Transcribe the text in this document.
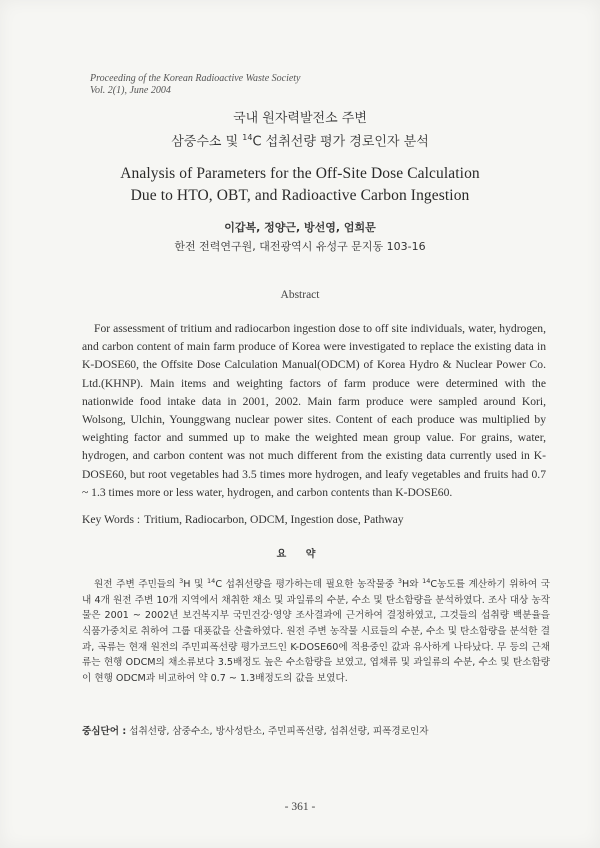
Proceeding of the Korean Radioactive Waste Society
Vol. 2(1), June 2004
국내 원자력발전소 주변
삼중수소 및 $^{14}$C 섭취선량 평가 경로인자 분석
Analysis of Parameters for the Off-Site Dose Calculation
Due to HTO, OBT, and Radioactive Carbon Ingestion
이갑복, 정양근, 방선영, 엄희문
한전 전력연구원, 대전광역시 유성구 문지동 103-16
Abstract
For assessment of tritium and radiocarbon ingestion dose to off site individuals, water, hydrogen, and carbon content of main farm produce of Korea were investigated to replace the existing data in K-DOSE60, the Offsite Dose Calculation Manual(ODCM) of Korea Hydro & Nuclear Power Co. Ltd.(KHNP). Main items and weighting factors of farm produce were determined with the nationwide food intake data in 2001, 2002. Main farm produce were sampled around Kori, Wolsong, Ulchin, Younggwang nuclear power sites. Content of each produce was multiplied by weighting factor and summed up to make the weighted mean group value. For grains, water, hydrogen, and carbon content was not much different from the existing data currently used in K-DOSE60, but root vegetables had 3.5 times more hydrogen, and leafy vegetables and fruits had 0.7 ~ 1.3 times more or less water, hydrogen, and carbon contents than K-DOSE60.
Key Words : Tritium, Radiocarbon, ODCM, Ingestion dose, Pathway
요 약

원전 주변 주민들의 $^3$H 및 $^{14}$C 섭취선량을 평가하는데 필요한 농작물중 $^3$H와 $^{14}$C농도를 계산하기 위하여 국내 4개 원전 주변 10개 지역에서 채취한 채소 및 과일류의 수분, 수소 및 탄소함량을 분석하였다. 조사 대상 농작물은 2001 ~ 2002년 보건복지부 국민건강·영양 조사결과에 근거하여 결정하였고, 그것들의 섭취량 백분율을 식품가중치로 취하여 그룹 대푯값을 산출하였다. 원전 주변 농작물 시료들의 수분, 수소 및 탄소함량을 분석한 결과, 곡류는 현재 원전의 주민피폭선량 평가코드인 K-DOSE60에 적용중인 값과 유사하게 나타났다. 무 등의 근채류는 현행 ODCM의 채소류보다 3.5배정도 높은 수소함량을 보였고, 엽채류 및 과일류의 수분, 수소 및 탄소함량이 현행 ODCM과 비교하여 약 0.7 ~ 1.3배정도의 값을 보였다.

중심단어 : 섭취선량, 삼중수소, 방사성탄소, 주민피폭선량, 섭취선량, 피폭경로인자
- 361 -
